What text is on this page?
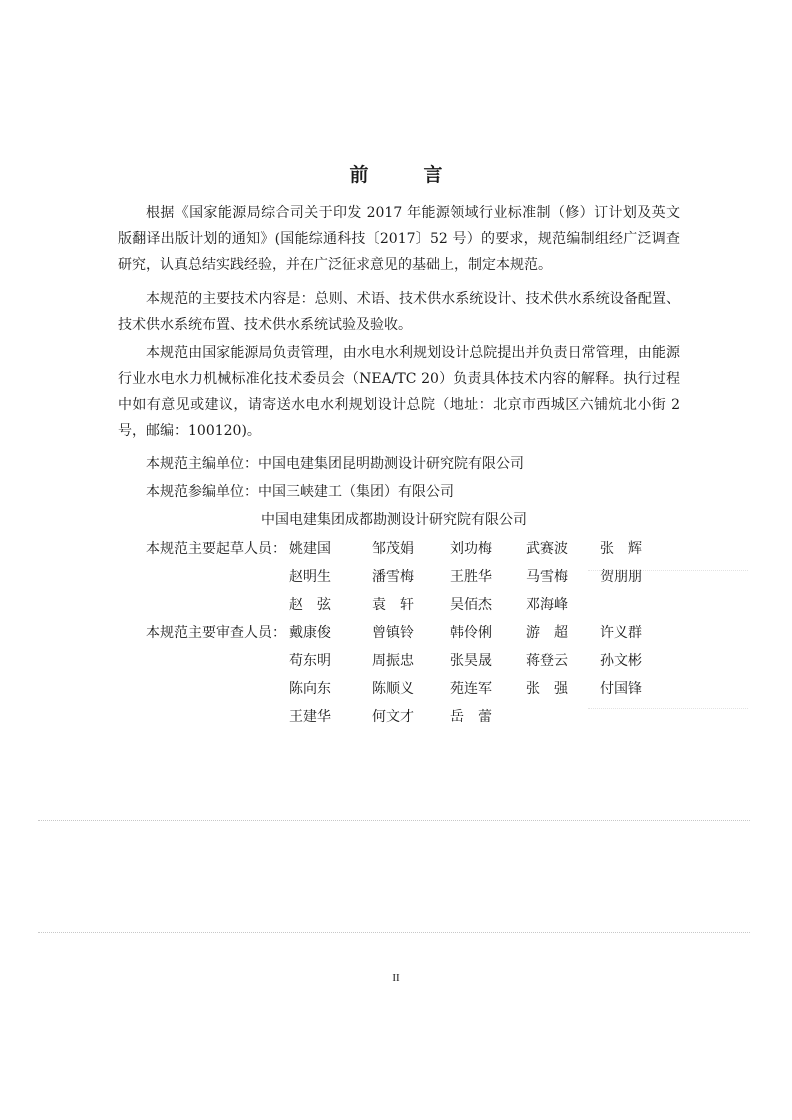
前　言

根据《国家能源局综合司关于印发 2017 年能源领域行业标准制（修）订计划及英文版翻译出版计划的通知》(国能综通科技〔2017〕52 号）的要求，规范编制组经广泛调查研究，认真总结实践经验，并在广泛征求意见的基础上，制定本规范。

本规范的主要技术内容是：总则、术语、技术供水系统设计、技术供水系统设备配置、技术供水系统布置、技术供水系统试验及验收。

本规范由国家能源局负责管理，由水电水利规划设计总院提出并负责日常管理，由能源行业水电水力机械标准化技术委员会（NEA/TC 20）负责具体技术内容的解释。执行过程中如有意见或建议，请寄送水电水利规划设计总院（地址：北京市西城区六铺炕北小街 2 号，邮编：100120)。

本规范主编单位：中国电建集团昆明勘测设计研究院有限公司
本规范参编单位：中国三峡建工（集团）有限公司
中国电建集团成都勘测设计研究院有限公司
本规范主要起草人员： 姚建国	邹茂娟	刘功梅 武赛波 张　辉
赵明生	潘雪梅	王胜华 马雪梅 贺朋朋
赵　弦	袁　轩	吴佰杰 邓海峰
本规范主要审查人员： 戴康俊	曾镇铃	韩伶俐 游　超 许义群
苟东明	周振忠	张昊晟 蒋登云 孙文彬
陈向东	陈顺义	苑连军 张　强 付国锋
王建华	何文才	岳　蕾
II
